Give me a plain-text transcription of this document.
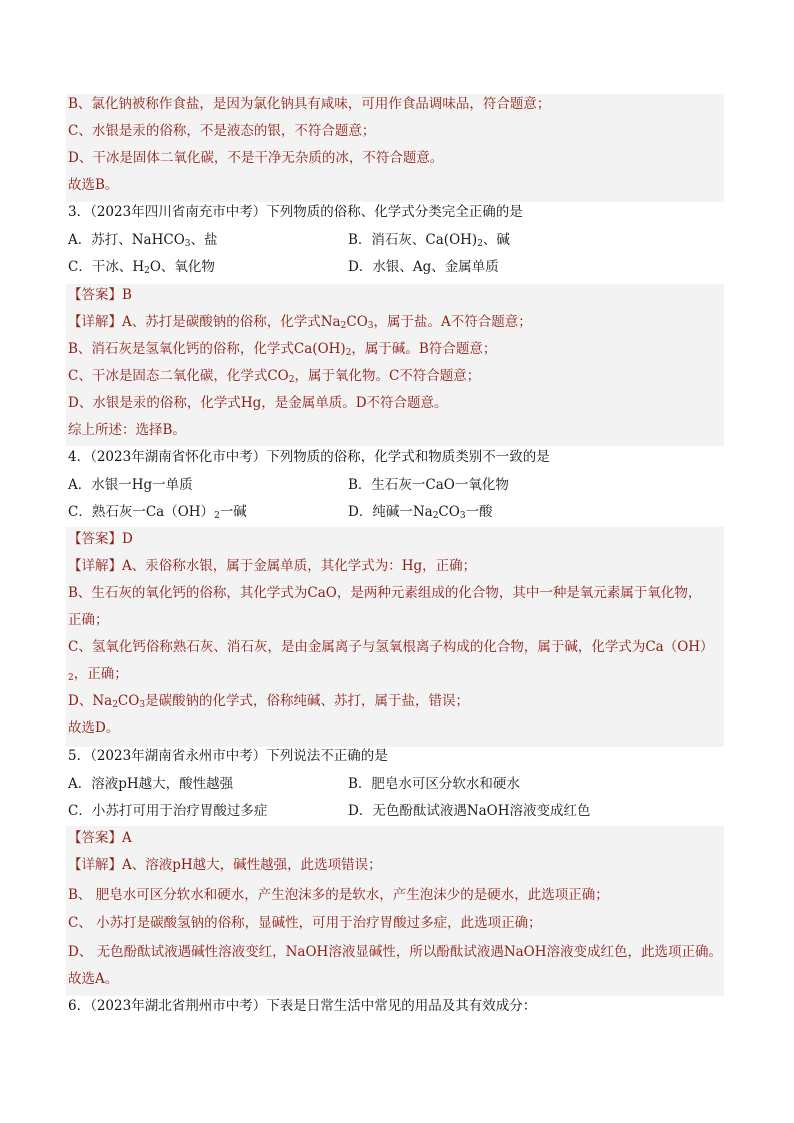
B、氯化钠被称作食盐，是因为氯化钠具有咸味，可用作食品调味品，符合题意；
C、水银是汞的俗称，不是液态的银，不符合题意；
D、干冰是固体二氧化碳，不是干净无杂质的冰，不符合题意。
故选B。
3．（2023年四川省南充市中考）下列物质的俗称、化学式分类完全正确的是
A．苏打、NaHCO$_3$、盐	B．消石灰、$Ca(OH)_2$、碱
C．干冰、$H_2O$、氧化物	D．水银、Ag、金属单质
【答案】B
【详解】A、苏打是碳酸钠的俗称，化学式$Na_2CO_3$，属于盐。A不符合题意；
B、消石灰是氢氧化钙的俗称，化学式$Ca(OH)_2$，属于碱。B符合题意；
C、干冰是固态二氧化碳，化学式$CO_2$，属于氧化物。C不符合题意；
D、水银是汞的俗称，化学式Hg，是金属单质。D不符合题意。
综上所述：选择B。
4．（2023年湖南省怀化市中考）下列物质的俗称，化学式和物质类别不一致的是
A．水银一Hg一单质	B．生石灰一CaO一氧化物
C．熟石灰一$Ca(OH)_2$一碱	D．纯碱一$Na_2CO_3$一酸
【答案】D
【详解】A、汞俗称水银，属于金属单质，其化学式为：Hg，正确；
B、生石灰的氧化钙的俗称，其化学式为CaO，是两种元素组成的化合物，其中一种是氧元素属于氧化物，
正确；
C、氢氧化钙俗称熟石灰、消石灰，是由金属离子与氢氧根离子构成的化合物，属于碱，化学式为Ca（OH）
$_2$，正确；
D、$Na_2CO_3$是碳酸钠的化学式，俗称纯碱、苏打，属于盐，错误；
故选D。
5．（2023年湖南省永州市中考）下列说法不正确的是
A．溶液pH越大，酸性越强	B．肥皂水可区分软水和硬水
C．小苏打可用于治疗胃酸过多症	D．无色酚酞试液遇NaOH溶液变成红色
【答案】A
【详解】A、溶液pH越大，碱性越强，此选项错误；
B、 肥皂水可区分软水和硬水，产生泡沫多的是软水，产生泡沫少的是硬水，此选项正确；
C、 小苏打是碳酸氢钠的俗称，显碱性，可用于治疗胃酸过多症，此选项正确；
D、 无色酚酞试液遇碱性溶液变红，NaOH溶液显碱性，所以酚酞试液遇NaOH溶液变成红色，此选项正确。
故选A。
6．（2023年湖北省荆州市中考）下表是日常生活中常见的用品及其有效成分：
